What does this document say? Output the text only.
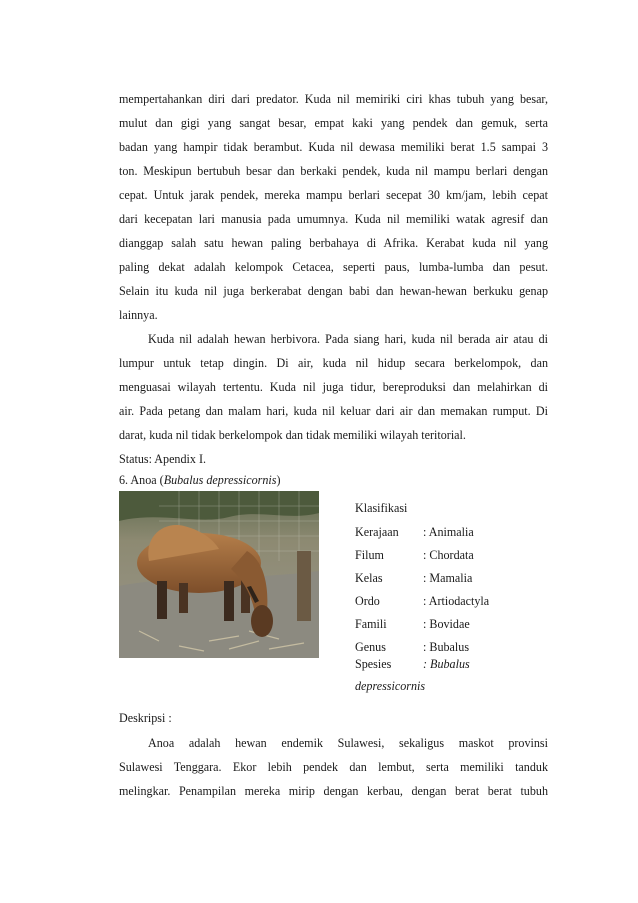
mempertahankan diri dari predator. Kuda nil memiriki ciri khas tubuh yang besar,
mulut dan gigi yang sangat besar, empat kaki yang pendek dan gemuk, serta
badan yang hampir tidak berambut. Kuda nil dewasa memiliki berat 1.5 sampai 3
ton. Meskipun bertubuh besar dan berkaki pendek, kuda nil mampu berlari dengan
cepat. Untuk jarak pendek, mereka mampu berlari secepat 30 km/jam, lebih cepat
dari kecepatan lari manusia pada umumnya. Kuda nil memiliki watak agresif dan
dianggap salah satu hewan paling berbahaya di Afrika. Kerabat kuda nil yang
paling dekat adalah kelompok Cetacea, seperti paus, lumba-lumba dan pesut.
Selain itu kuda nil juga berkerabat dengan babi dan hewan-hewan berkuku genap
lainnya.
Kuda nil adalah hewan herbivora. Pada siang hari, kuda nil berada air atau di
lumpur untuk tetap dingin. Di air, kuda nil hidup secara berkelompok, dan
menguasai wilayah tertentu. Kuda nil juga tidur, bereproduksi dan melahirkan di
air. Pada petang dan malam hari, kuda nil keluar dari air dan memakan rumput. Di
darat, kuda nil tidak berkelompok dan tidak memiliki wilayah teritorial.
Status: Apendix I.
6. Anoa (Bubalus depressicornis)
Klasifikasi
Kerajaan : Animalia
Filum	: Chordata
Kelas	: Mamalia
Ordo	: Artiodactyla
Famili	: Bovidae
Genus	: Bubalus
Spesies	: Bubalus
depressicornis
Deskripsi :
Anoa adalah hewan endemik Sulawesi, sekaligus maskot provinsi
Sulawesi Tenggara. Ekor lebih pendek dan lembut, serta memiliki tanduk
melingkar. Penampilan mereka mirip dengan kerbau, dengan berat berat tubuh
